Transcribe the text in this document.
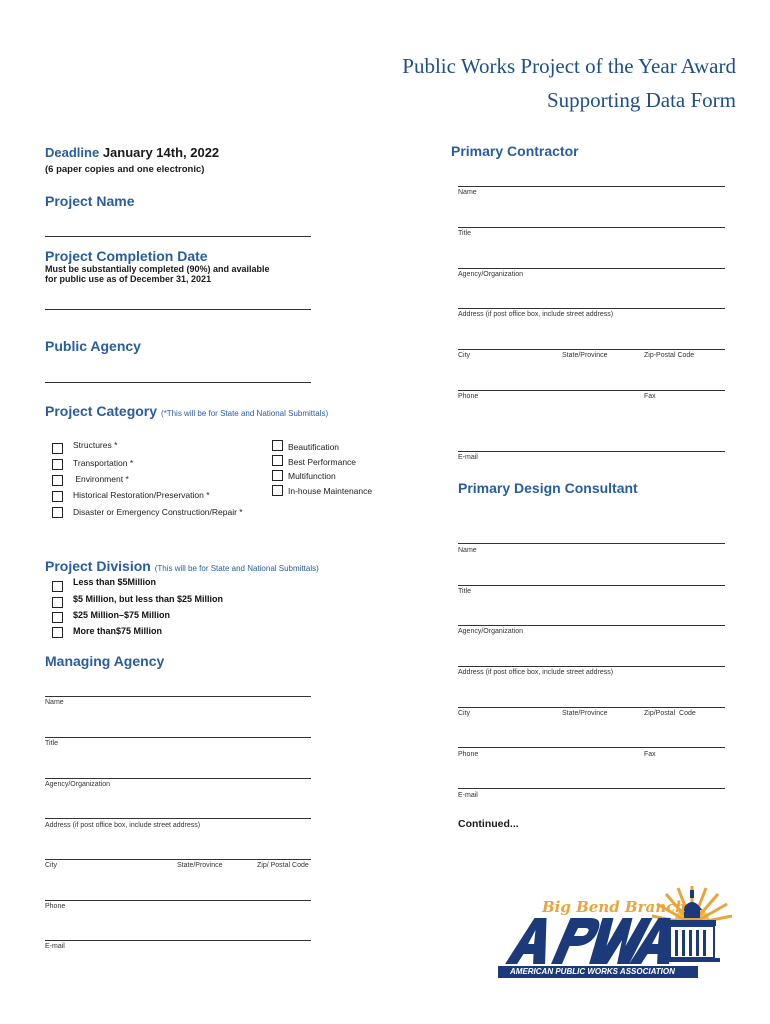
Public Works Project of the Year Award
Supporting Data Form
Deadline January 14th, 2022
(6 paper copies and one electronic)
Project Name
Project Completion Date
Must be substantially completed (90%) and available
for public use as of December 31, 2021
Public Agency
Project Category (*This will be for State and National Submittals)
Structures *
Transportation *
Environment *
Historical Restoration/Preservation *
Disaster or Emergency Construction/Repair *
Beautification
Best Performance
Multifunction
In-house Maintenance
Project Division (This will be for State and National Submittals)
Less than $5Million
$5 Million, but less than $25 Million
$25 Million–$75 Million
More than$75 Million
Managing Agency
Name
Title
Agency/Organization
Address (if post office box, include street address)
City	State/Province	Zip/ Postal Code
Phone
E-mail
Primary Contractor
Name
Title
Agency/Organization
Address (if post office box, include street address)
City	State/Province	Zip-Postal Code
Phone	Fax
E-mail
Primary Design Consultant
Name
Title
Agency/Organization
Address (if post office box, include street address)
City	State/Province	Zip/Postal  Code
Phone	Fax
E-mail
Continued...
Big Bend Branch
AMERICAN PUBLIC WORKS ASSOCIATION
